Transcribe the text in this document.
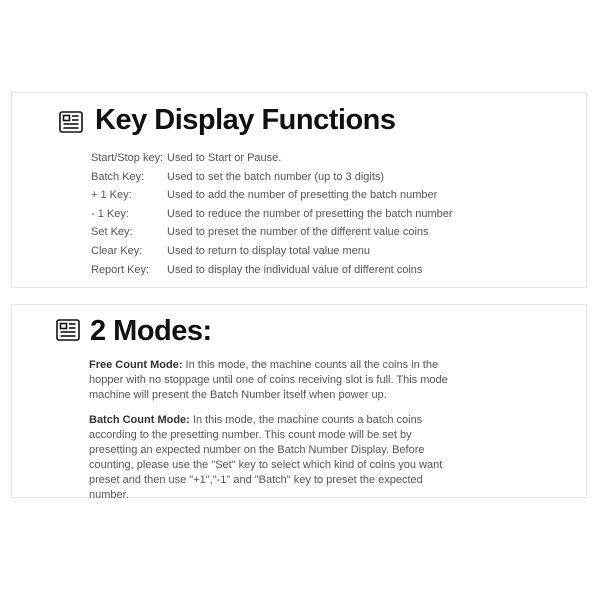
Key Display Functions
Start/Stop key: Used to Start or Pause.
Batch Key:	Used to set the batch number (up to 3 digits)
+ 1 Key:	Used to add the number of presetting the batch number
- 1 Key:	Used to reduce the number of presetting the batch number
Set Key:	Used to preset the number of the different value coins
Clear Key:	Used to return to display total value menu
Report Key:	Used to display the individual value of different coins
2 Modes:
Free Count Mode: In this mode, the machine counts all the coins in the hopper with no stoppage until one of coins receiving slot is full. This mode machine will present the Batch Number itself when power up.
Batch Count Mode: In this mode, the machine counts a batch coins according to the presetting number. This count mode will be set by presetting an expected number on the Batch Number Display. Before counting, please use the "Set" key to select which kind of coins you want preset and then use "+1","-1" and "Batch" key to preset the expected number.
